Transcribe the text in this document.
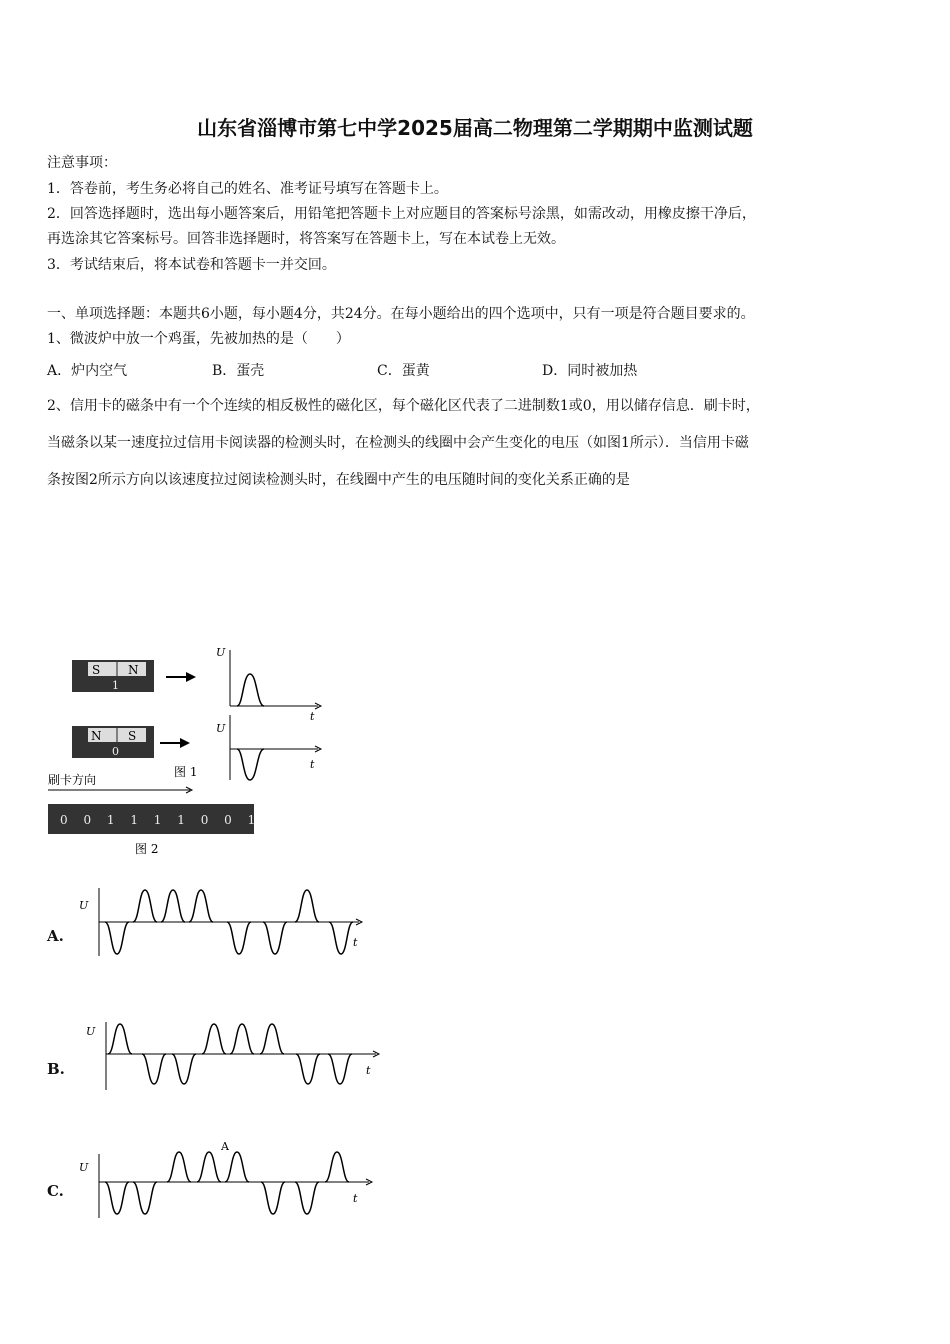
山东省淄博市第七中学2025届高二物理第二学期期中监测试题
注意事项：
1．答卷前，考生务必将自己的姓名、准考证号填写在答题卡上。
2．回答选择题时，选出每小题答案后，用铅笔把答题卡上对应题目的答案标号涂黑，如需改动，用橡皮擦干净后，
再选涂其它答案标号。回答非选择题时，将答案写在答题卡上，写在本试卷上无效。
3．考试结束后，将本试卷和答题卡一并交回。
一、单项选择题：本题共6小题，每小题4分，共24分。在每小题给出的四个选项中，只有一项是符合题目要求的。
1、微波炉中放一个鸡蛋，先被加热的是（　　）
A．炉内空气	B．蛋壳	C．蛋黄	D．同时被加热
2、信用卡的磁条中有一个个连续的相反极性的磁化区，每个磁化区代表了二进制数1或0，用以储存信息．刷卡时，
当磁条以某一速度拉过信用卡阅读器的检测头时，在检测头的线圈中会产生变化的电压（如图1所示）．当信用卡磁
条按图2所示方向以该速度拉过阅读检测头时，在线圈中产生的电压随时间的变化关系正确的是
S N
1
U
t
N S
0
U
t
图 1
刷卡方向
0 0 1 1 1 1 0 0 1
图 2
A.
U
t
B.
U
t
C.
U
t
A
